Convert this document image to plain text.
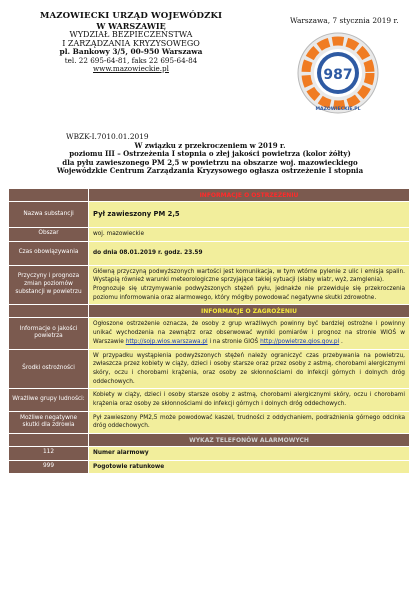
MAZOWIECKI URZĄD WOJEWÓDZKI
W WARSZAWIE
WYDZIAŁ BEZPIECZEŃSTWA
I ZARZĄDZANIA KRYZYSOWEGO
pl. Bankowy 3/5, 00-950 Warszawa
tel. 22 695-64-81, faks 22 695-64-84
www.mazowieckie.pl
Warszawa, 7 stycznia 2019 r.
987
MAZOWIECKIE.PL
WBZK-I.7010.01.2019
W związku z przekroczeniem w 2019 r.
poziomu III – Ostrzeżenia I stopnia o złej jakości powietrza (kolor żółty)
dla pyłu zawieszonego PM 2,5 w powietrzu na obszarze woj. mazowieckiego
Wojewódzkie Centrum Zarządzania Kryzysowego ogłasza ostrzeżenie I stopnia
	INFORMACJE O OSTRZEŻENIU
Nazwa substancji	Pył zawieszony PM 2,5
Obszar	woj. mazowieckie
Czas obowiązywania	do dnia 08.01.2019 r. godz. 23.59
Przyczyny i prognoza zmian poziomów substancji w powietrzu	Główną przyczyną podwyższonych wartości jest komunikacja, w tym wtórne pylenie z ulic i emisja spalin. Wystąpią również warunki meteorologiczne sprzyjające takiej sytuacji (słaby wiatr, wyż, zamglenia).
Prognozuje się utrzymywanie podwyższonych stężeń pyłu, jednakże nie przewiduje się przekroczenia poziomu informowania oraz alarmowego, który mógłby powodować negatywne skutki zdrowotne.

	INFORMACJE O ZAGROŻENIU
Informacje o jakości powietrza	Ogłoszone ostrzeżenie oznacza, że osoby z grup wrażliwych powinny być bardziej ostrożne i powinny unikać wychodzenia na zewnątrz oraz obserwować wyniki pomiarów i prognoz na stronie WIOŚ w Warszawie http://sojp.wios.warszawa.pl i na stronie GIOŚ http://powietrze.gios.gov.pl .
Środki ostrożności	W przypadku wystąpienia podwyższonych stężeń należy ograniczyć czas przebywania na powietrzu, zwłaszcza przez kobiety w ciąży, dzieci i osoby starsze oraz przez osoby z astmą, chorobami alergicznymi skóry, oczu i chorobami krążenia, oraz osoby ze skłonnościami do infekcji górnych i dolnych dróg oddechowych.
Wrażliwe grupy ludności:	Kobiety w ciąży, dzieci i osoby starsze osoby z astmą, chorobami alergicznymi skóry, oczu i chorobami krążenia oraz osoby ze skłonnościami do infekcji górnych i dolnych dróg oddechowych.
Możliwe negatywne skutki dla zdrowia	Pył zawieszony PM2,5 może powodować kaszel, trudności z oddychaniem, podrażnienia górnego odcinka dróg oddechowych.
	WYKAZ TELEFONÓW ALARMOWYCH
112	Numer alarmowy
999	Pogotowie ratunkowe
